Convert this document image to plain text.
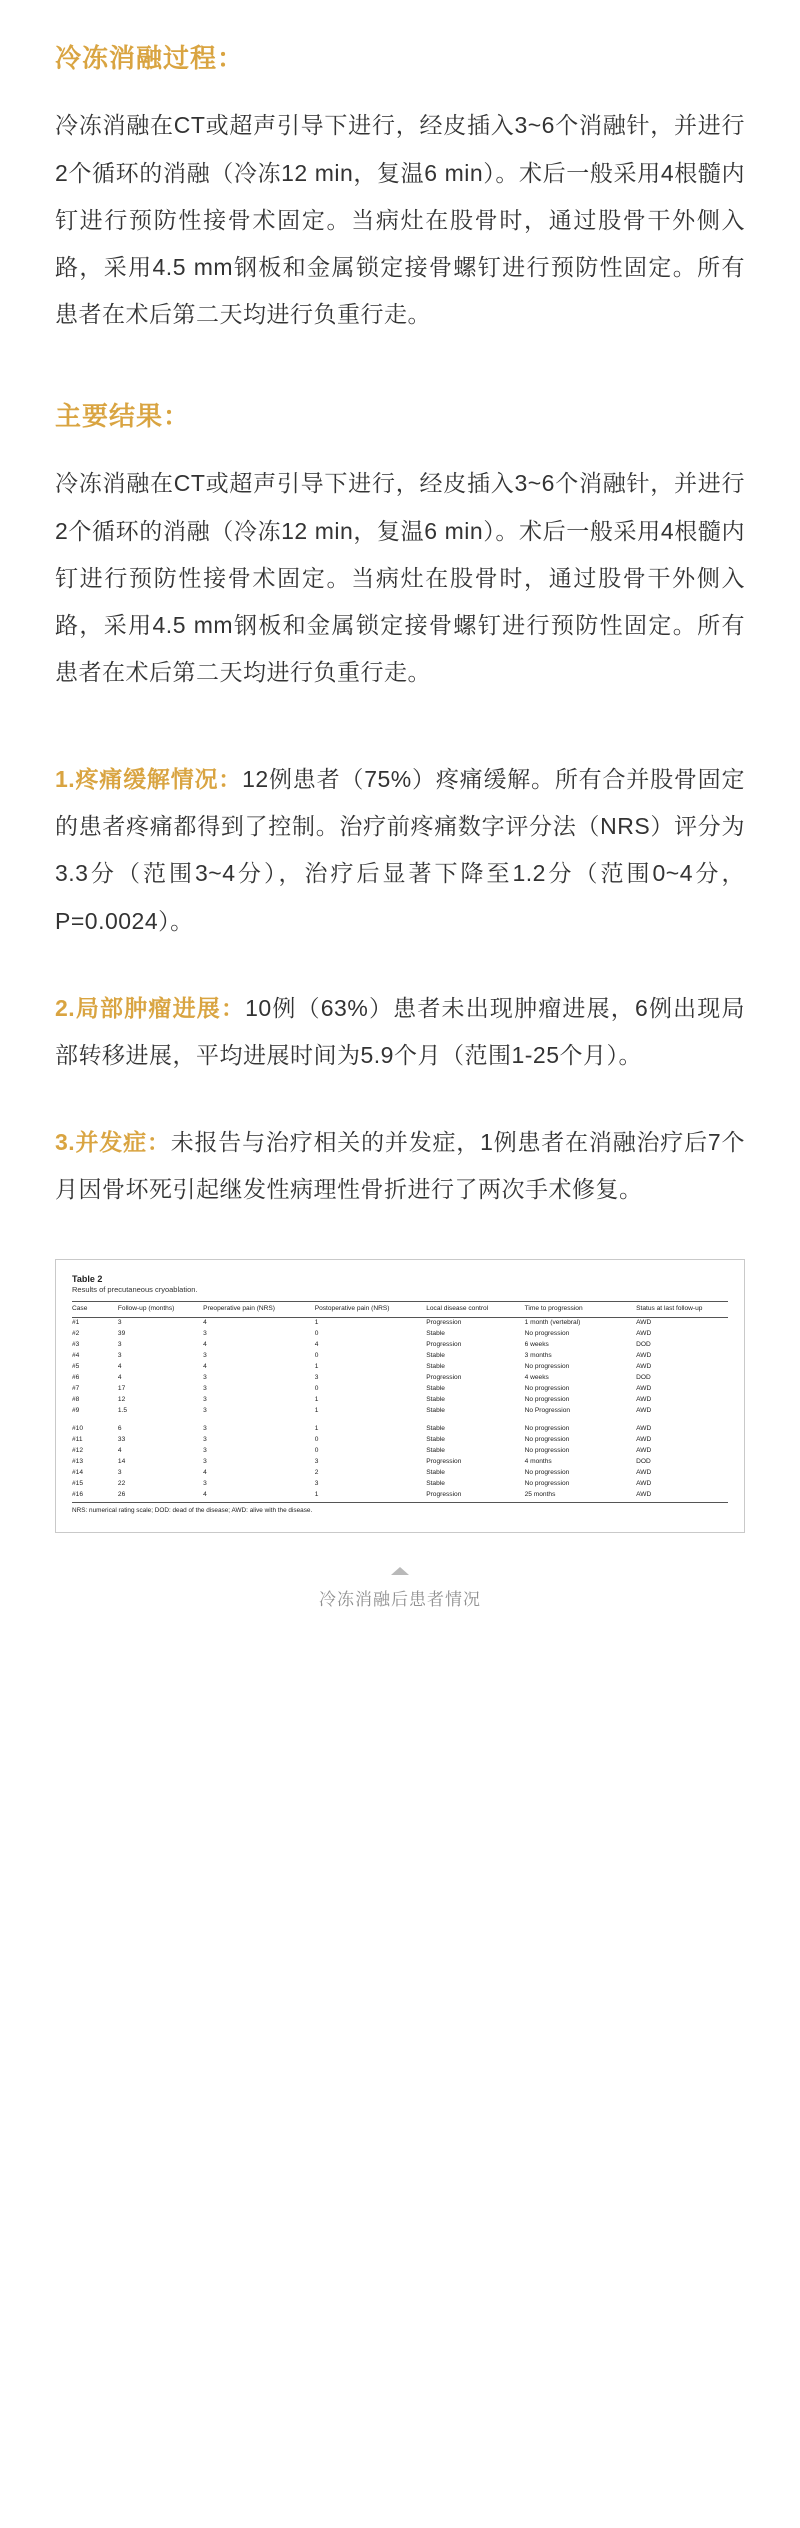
冷冻消融过程：

冷冻消融在CT或超声引导下进行，经皮插入3~6个消融针，并进行2个循环的消融（冷冻12 min，复温6 min）。术后一般采用4根髓内钉进行预防性接骨术固定。当病灶在股骨时，通过股骨干外侧入路，采用4.5 mm钢板和金属锁定接骨螺钉进行预防性固定。所有患者在术后第二天均进行负重行走。

主要结果：

冷冻消融在CT或超声引导下进行，经皮插入3~6个消融针，并进行2个循环的消融（冷冻12 min，复温6 min）。术后一般采用4根髓内钉进行预防性接骨术固定。当病灶在股骨时，通过股骨干外侧入路，采用4.5 mm钢板和金属锁定接骨螺钉进行预防性固定。所有患者在术后第二天均进行负重行走。

1.疼痛缓解情况：12例患者（75%）疼痛缓解。所有合并股骨固定的患者疼痛都得到了控制。治疗前疼痛数字评分法（NRS）评分为3.3分（范围3~4分），治疗后显著下降至1.2分（范围0~4分，P=0.0024）。

2.局部肿瘤进展：10例（63%）患者未出现肿瘤进展，6例出现局部转移进展，平均进展时间为5.9个月（范围1-25个月）。

3.并发症：未报告与治疗相关的并发症，1例患者在消融治疗后7个月因骨坏死引起继发性病理性骨折进行了两次手术修复。

Table 2
Results of precutaneous cryoablation.
Case	Follow-up (months)	Preoperative pain (NRS)	Postoperative pain (NRS)	Local disease control	Time to progression	Status at last follow-up
#1	3	4	1	Progression	1 month (vertebral)	AWD
#2	39	3	0	Stable	No progression	AWD
#3	3	4	4	Progression	6 weeks	DOD
#4	3	3	0	Stable	3 months	AWD
#5	4	4	1	Stable	No progression	AWD
#6	4	3	3	Progression	4 weeks	DOD
#7	17	3	0	Stable	No progression	AWD
#8	12	3	1	Stable	No progression	AWD
#9	1.5	3	1	Stable	No Progression	AWD

#10	6	3	1	Stable	No progression	AWD
#11	33	3	0	Stable	No progression	AWD
#12	4	3	0	Stable	No progression	AWD
#13	14	3	3	Progression	4 months	DOD
#14	3	4	2	Stable	No progression	AWD
#15	22	3	3	Stable	No progression	AWD
#16	26	4	1	Progression	25 months	AWD
NRS: numerical rating scale; DOD: dead of the disease; AWD: alive with the disease.
冷冻消融后患者情况
